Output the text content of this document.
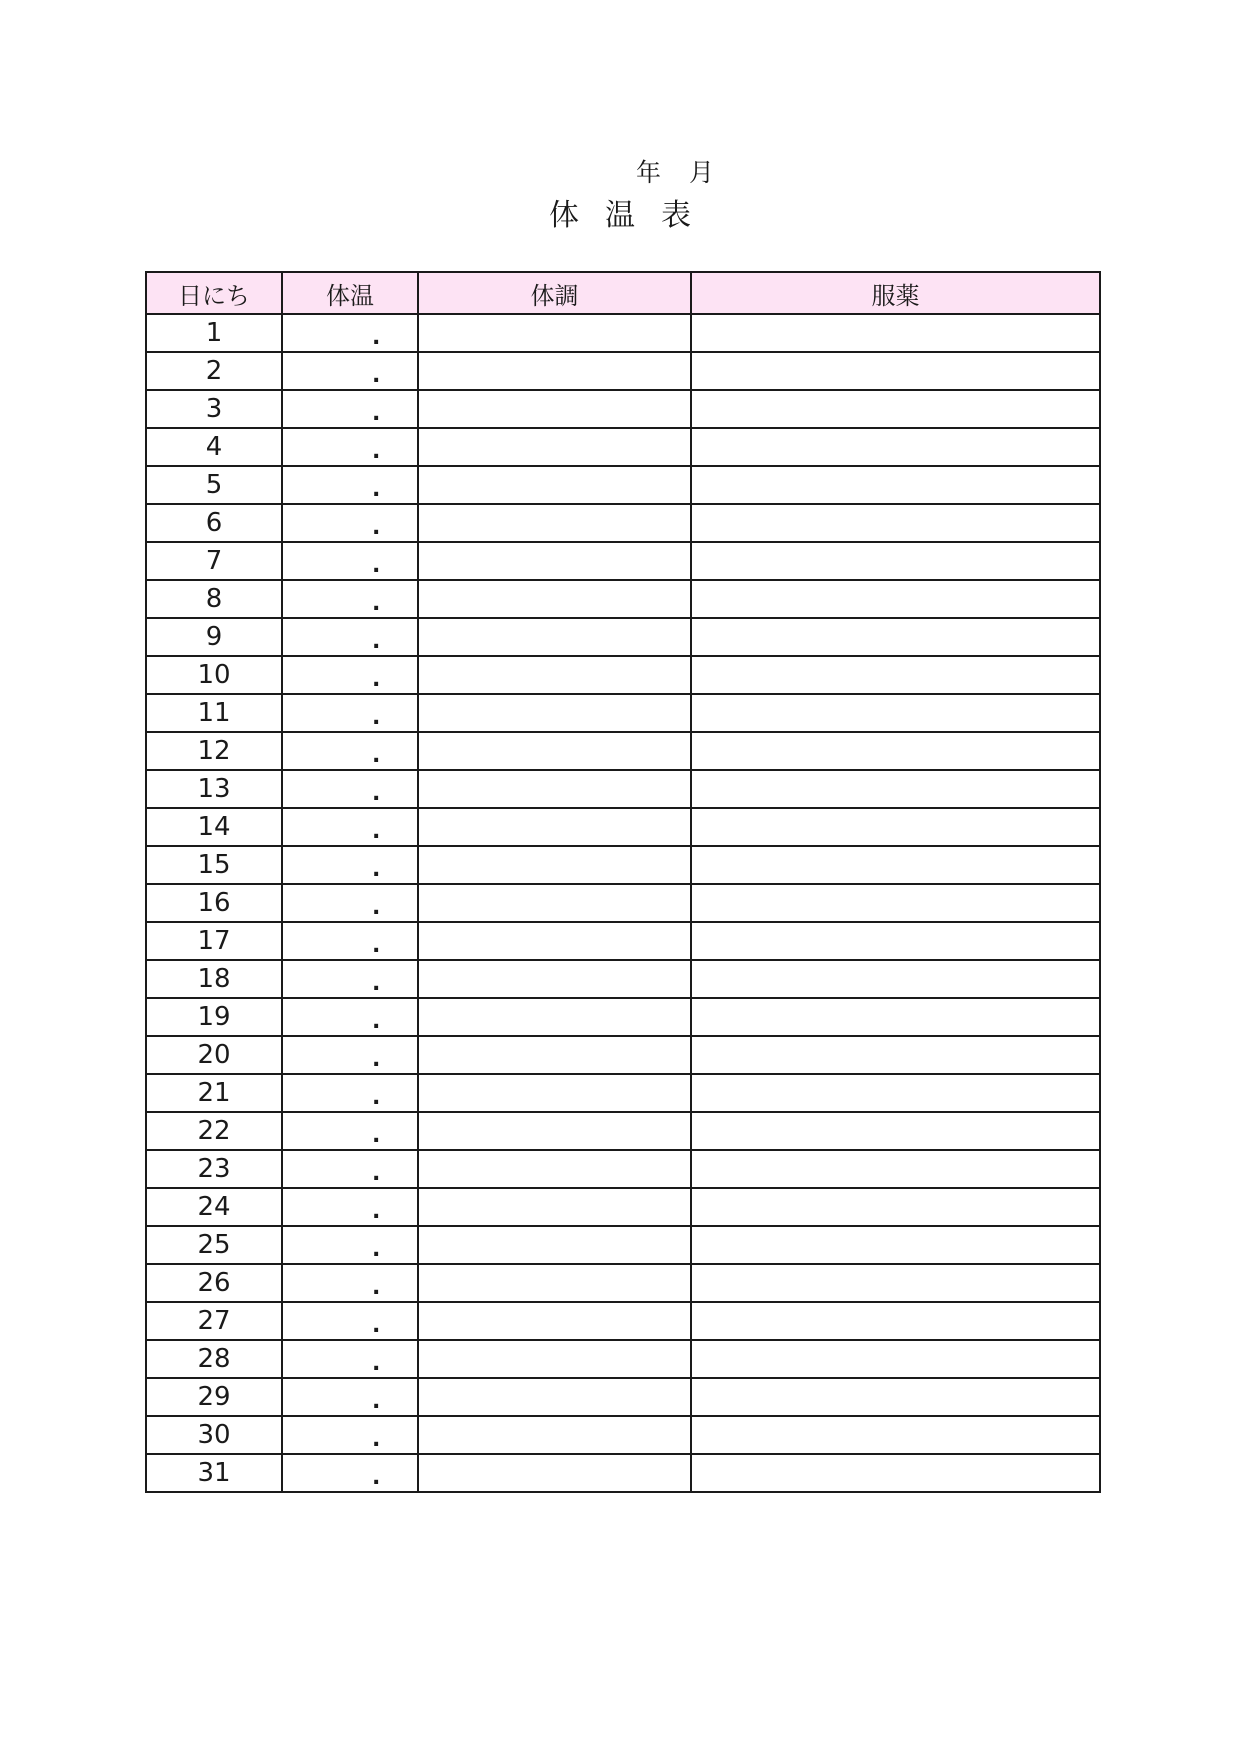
年 月
体 温 表
日にち	体温	体調	服薬
1	.		

2	.		

3	.		

4	.		

5	.		

6	.		

7	.		

8	.		

9	.		

10	.		

11	.		

12	.		

13	.		

14	.		

15	.		

16	.		

17	.		

18	.		

19	.		

20	.		

21	.		

22	.		

23	.		

24	.		

25	.		

26	.		

27	.		

28	.		

29	.		

30	.		

31	.		
